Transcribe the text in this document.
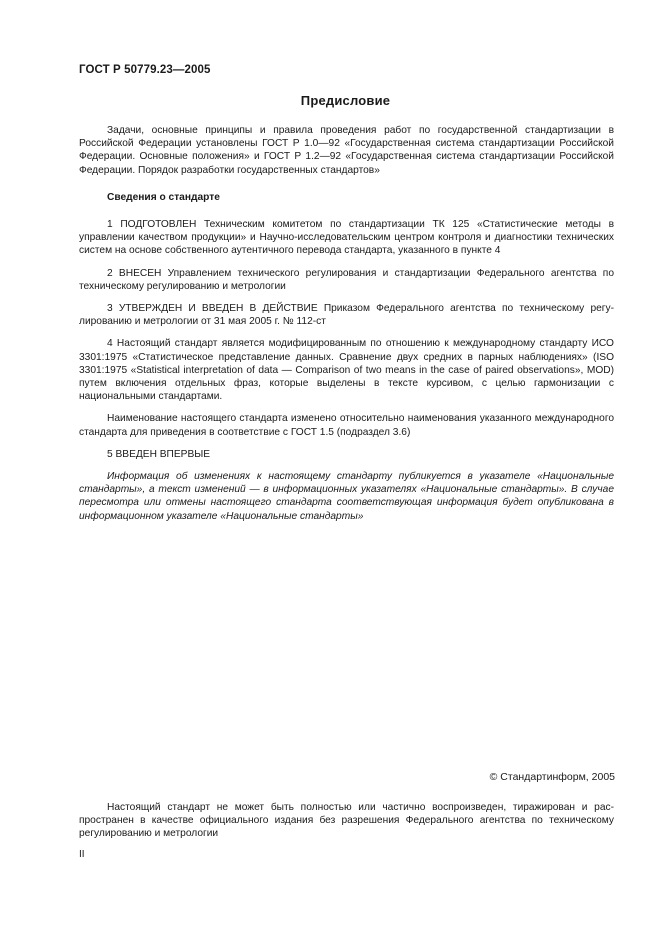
ГОСТ Р 50779.23—2005
Предисловие

Задачи, основные принципы и правила проведения работ по государственной стандартизации в Российской Федерации установлены ГОСТ Р 1.0—92 «Государственная система стандартизации Российской Федерации. Основные положения» и ГОСТ Р 1.2—92 «Государственная система стандартизации Российской Федерации. Порядок разработки государственных стандартов»

Сведения о стандарте

1 ПОДГОТОВЛЕН Техническим комитетом по стандартизации ТК 125 «Статистические методы в управлении качеством продукции» и Научно-исследовательским центром контроля и диагностики технических систем на основе собственного аутентичного перевода стандарта, указанного в пункте 4

2 ВНЕСЕН Управлением технического регулирования и стандартизации Федерального агентства по техническому регулированию и метрологии

3 УТВЕРЖДЕН И ВВЕДЕН В ДЕЙСТВИЕ Приказом Федерального агентства по техническому регулированию и метрологии от 31 мая 2005 г. № 112-ст

4 Настоящий стандарт является модифицированным по отношению к международному стандарту ИСО 3301:1975 «Статистическое представление данных. Сравнение двух средних в парных наблюдениях» (ISO 3301:1975 «Statistical interpretation of data — Comparison of two means in the case of paired observations», MOD) путем включения отдельных фраз, которые выделены в тексте курсивом, с целью гармонизации с национальными стандартами.

Наименование настоящего стандарта изменено относительно наименования указанного международного стандарта для приведения в соответствие с ГОСТ 1.5 (подраздел 3.6)

5 ВВЕДЕН ВПЕРВЫЕ

Информация об изменениях к настоящему стандарту публикуется в указателе «Национальные стандарты», а текст изменений — в информационных указателях «Национальные стандарты». В случае пересмотра или отмены настоящего стандарта соответствующая информация будет опубликована в информационном указателе «Национальные стандарты»

© Стандартинформ, 2005

Настоящий стандарт не может быть полностью или частично воспроизведен, тиражирован и распространен в качестве официального издания без разрешения Федерального агентства по техническому регулированию и метрологии

II
